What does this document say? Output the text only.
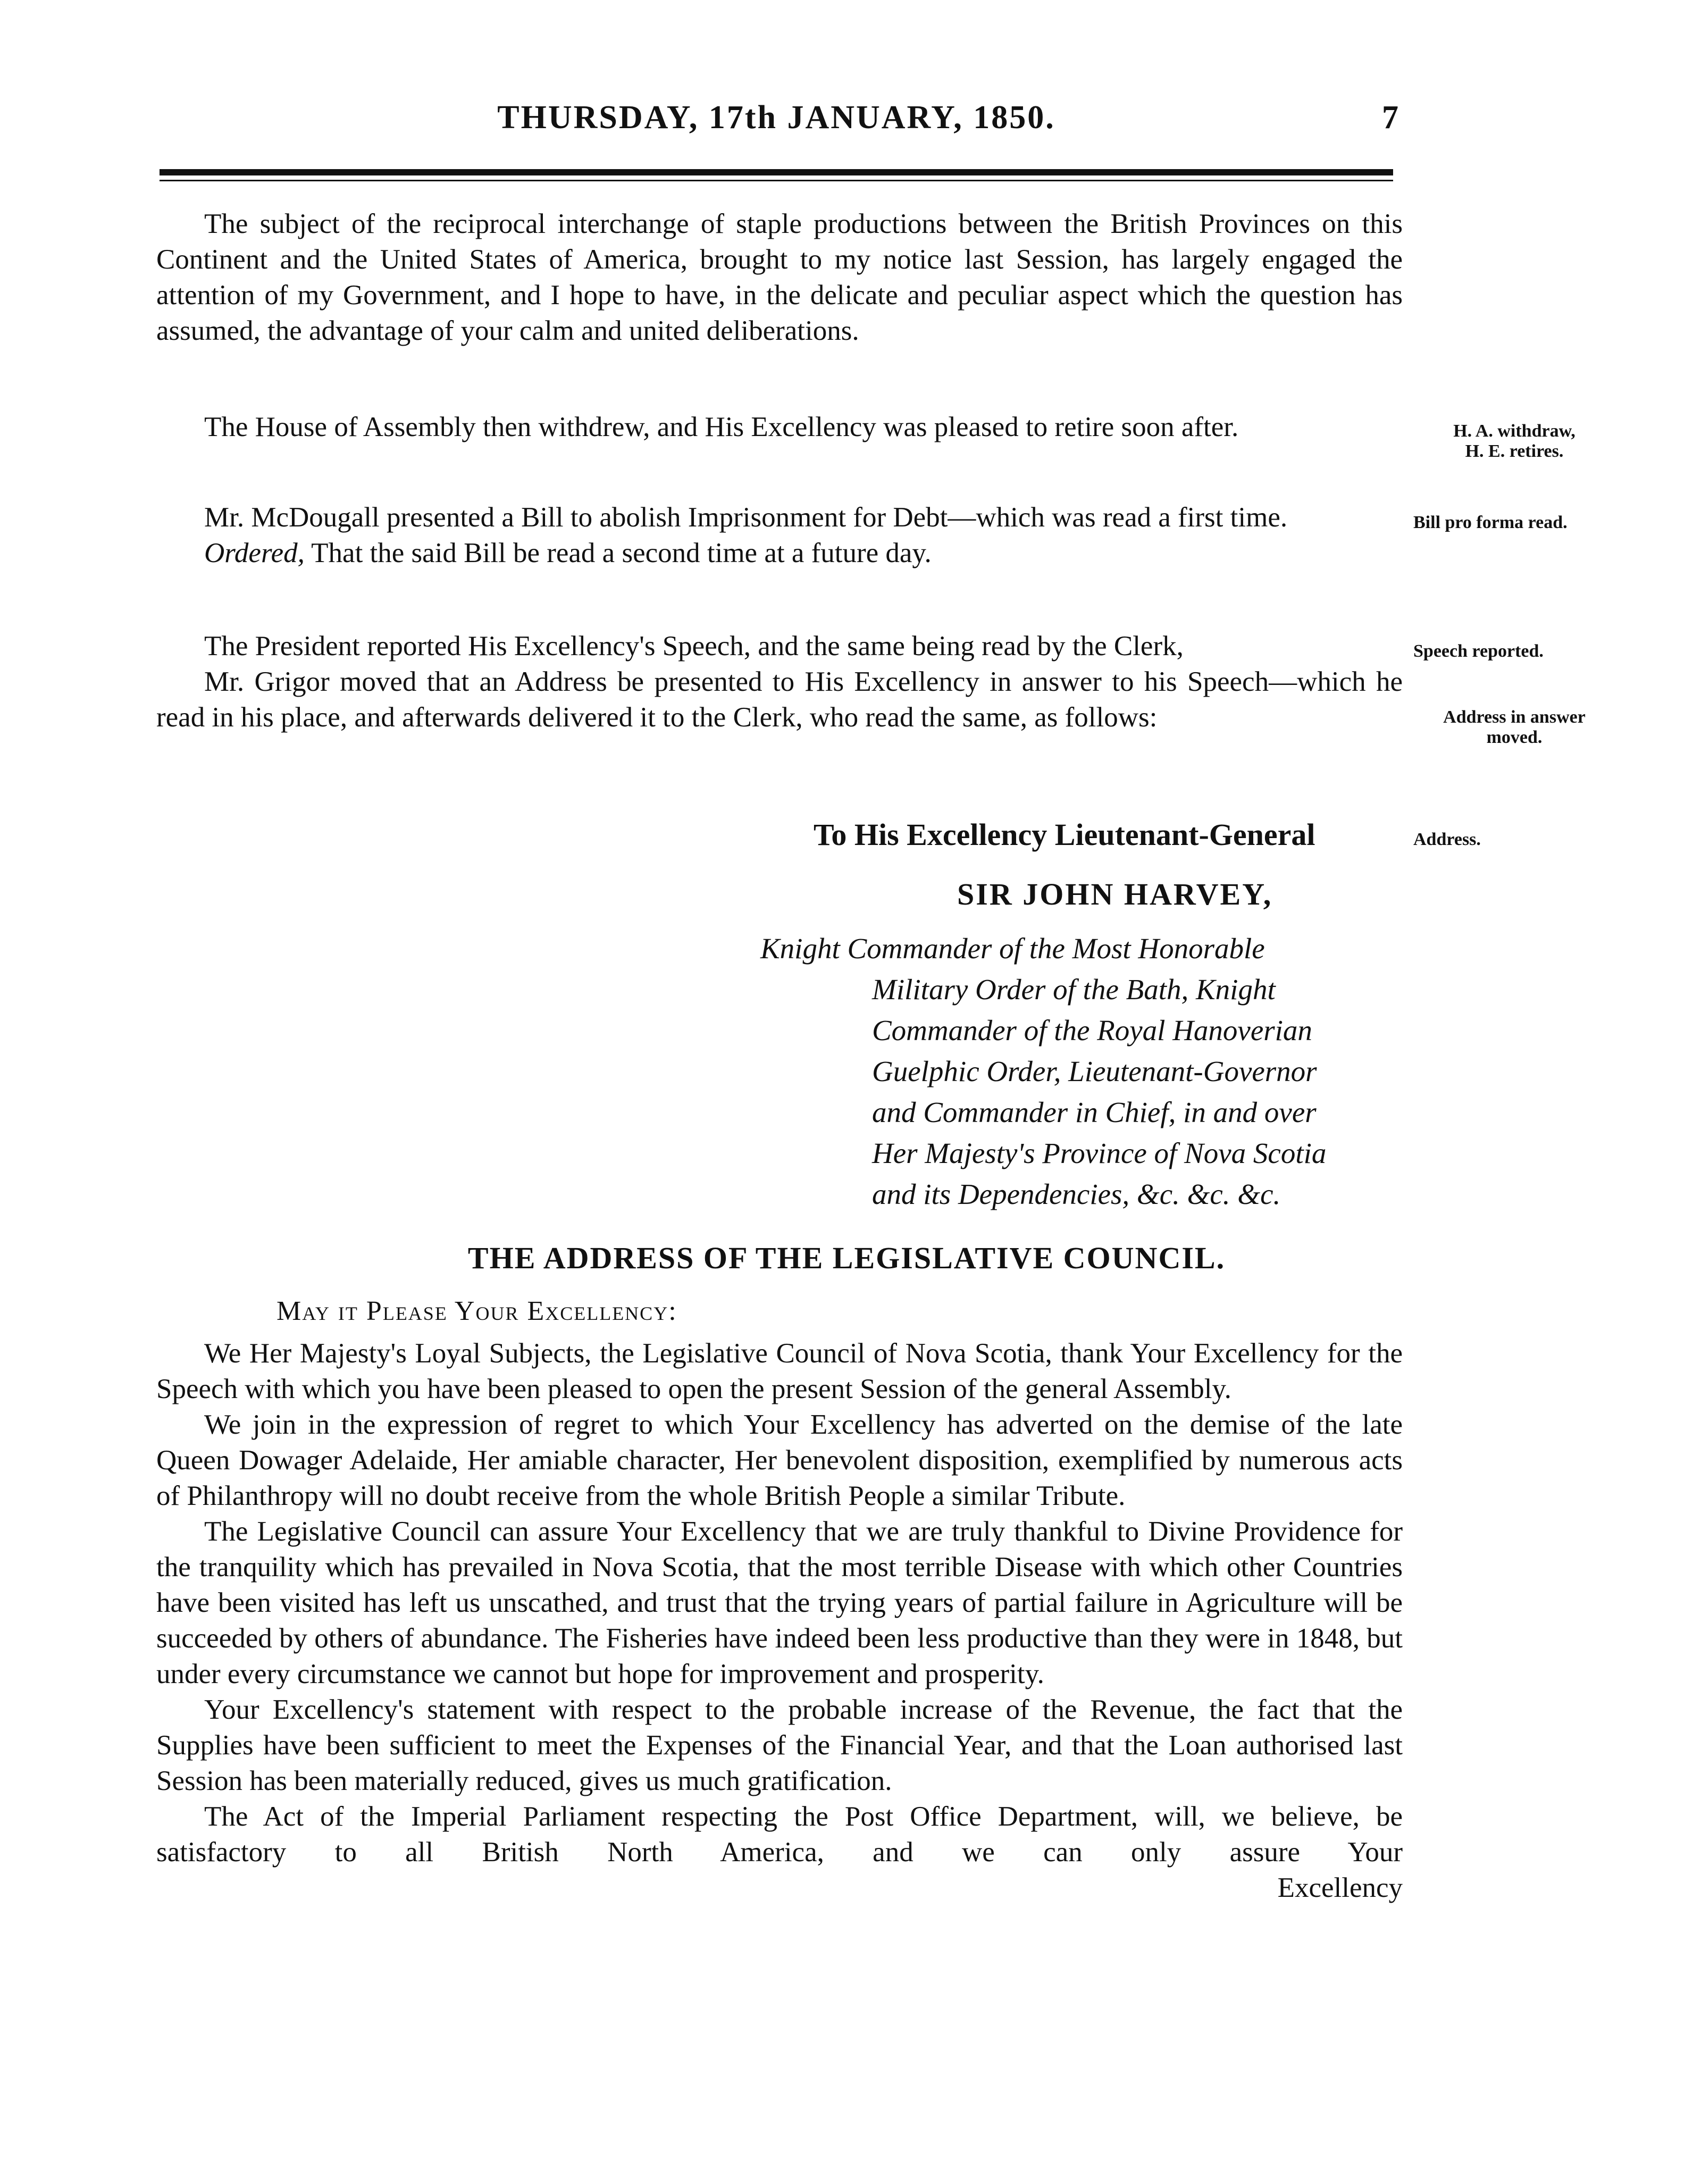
THURSDAY, 17th JANUARY, 1850.	7

The subject of the reciprocal interchange of staple productions between the British Provinces on this Continent and the United States of America, brought to my notice last Session, has largely engaged the attention of my Government, and I hope to have, in the delicate and peculiar aspect which the question has assumed, the advantage of your calm and united deliberations.

The House of Assembly then withdrew, and His Excellency was pleased to retire soon after.	H. A. withdraw,
H. E. retires.

Mr. McDougall presented a Bill to abolish Imprisonment for Debt—which was read a first time.

Ordered, That the said Bill be read a second time at a future day.

Bill pro forma read.

The President reported His Excellency's Speech, and the same being read by the Clerk,

Mr. Grigor moved that an Address be presented to His Excellency in answer to his Speech—which he read in his place, and afterwards delivered it to the Clerk, who read the same, as follows:

Speech reported.
Address in answer
moved.
To His Excellency Lieutenant-General	Address.
SIR JOHN HARVEY,
Knight Commander of the Most Honorable
Military Order of the Bath, Knight
Commander of the Royal Hanoverian
Guelphic Order, Lieutenant-Governor
and Commander in Chief, in and over
Her Majesty's Province of Nova Scotia
and its Dependencies, &c. &c. &c.
THE ADDRESS OF THE LEGISLATIVE COUNCIL.
May it Please Your Excellency:

We Her Majesty's Loyal Subjects, the Legislative Council of Nova Scotia, thank Your Excellency for the Speech with which you have been pleased to open the present Session of the general Assembly.

We join in the expression of regret to which Your Excellency has adverted on the demise of the late Queen Dowager Adelaide, Her amiable character, Her benevolent disposition, exemplified by numerous acts of Philanthropy will no doubt receive from the whole British People a similar Tribute.

The Legislative Council can assure Your Excellency that we are truly thankful to Divine Providence for the tranquility which has prevailed in Nova Scotia, that the most terrible Disease with which other Countries have been visited has left us unscathed, and trust that the trying years of partial failure in Agriculture will be succeeded by others of abundance. The Fisheries have indeed been less productive than they were in 1848, but under every circumstance we cannot but hope for improvement and prosperity.

Your Excellency's statement with respect to the probable increase of the Revenue, the fact that the Supplies have been sufficient to meet the Expenses of the Financial Year, and that the Loan authorised last Session has been materially reduced, gives us much gratification.

The Act of the Imperial Parliament respecting the Post Office Department, will, we believe, be satisfactory to all British North America, and we can only assure Your

Excellency
